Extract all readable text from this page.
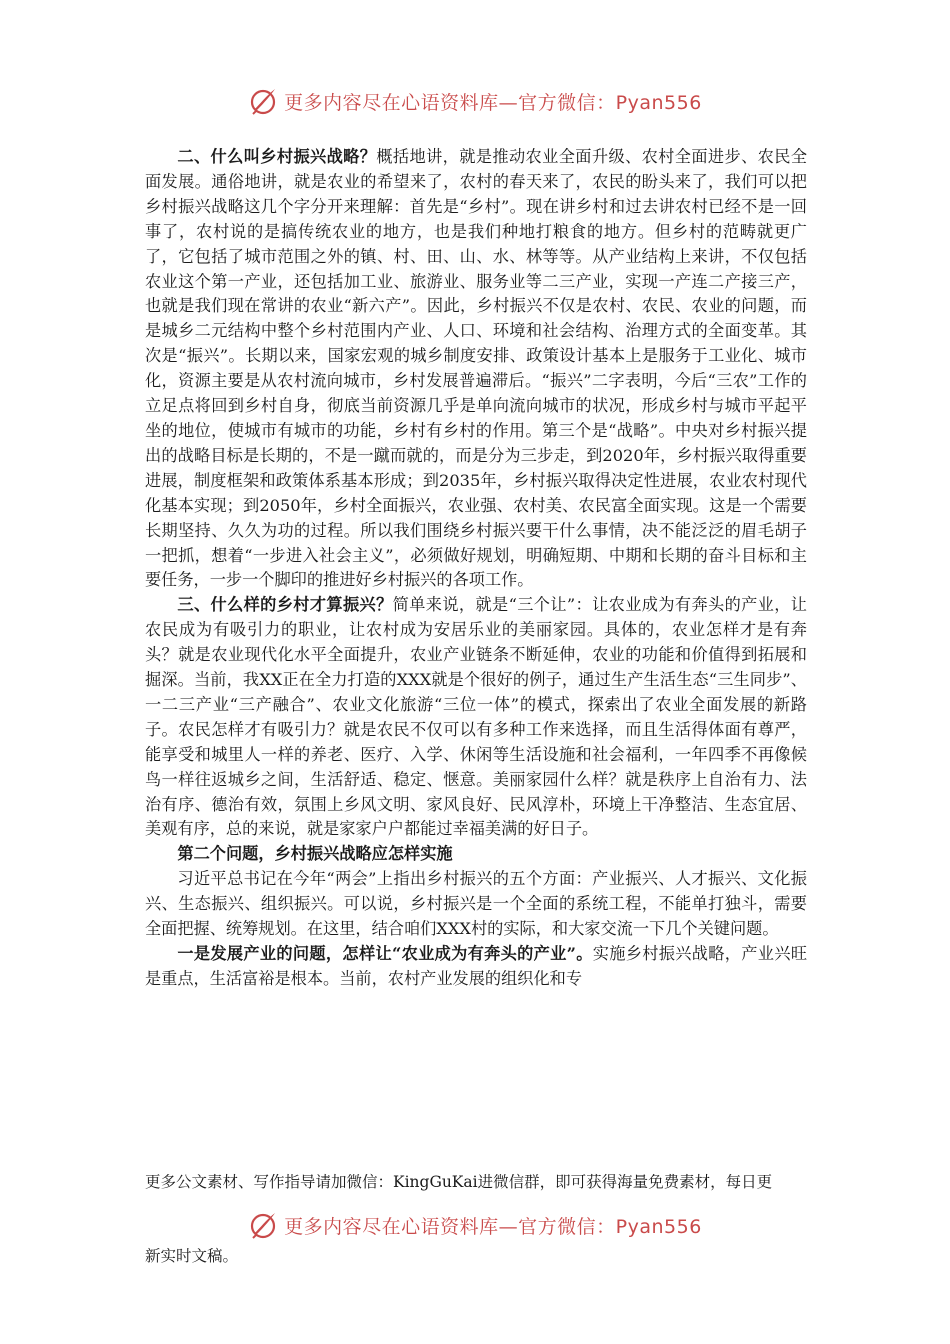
更多内容尽在心语资料库—官方微信：Pyan556

二、什么叫乡村振兴战略？概括地讲，就是推动农业全面升级、农村全面进步、农民全面发展。通俗地讲，就是农业的希望来了，农村的春天来了，农民的盼头来了，我们可以把乡村振兴战略这几个字分开来理解：首先是“乡村”。现在讲乡村和过去讲农村已经不是一回事了，农村说的是搞传统农业的地方，也是我们种地打粮食的地方。但乡村的范畴就更广了，它包括了城市范围之外的镇、村、田、山、水、林等等。从产业结构上来讲，不仅包括农业这个第一产业，还包括加工业、旅游业、服务业等二三产业，实现一产连二产接三产，也就是我们现在常讲的农业“新六产”。因此，乡村振兴不仅是农村、农民、农业的问题，而是城乡二元结构中整个乡村范围内产业、人口、环境和社会结构、治理方式的全面变革。其次是“振兴”。长期以来，国家宏观的城乡制度安排、政策设计基本上是服务于工业化、城市化，资源主要是从农村流向城市，乡村发展普遍滞后。“振兴”二字表明，今后“三农”工作的立足点将回到乡村自身，彻底当前资源几乎是单向流向城市的状况，形成乡村与城市平起平坐的地位，使城市有城市的功能，乡村有乡村的作用。第三个是“战略”。中央对乡村振兴提出的战略目标是长期的，不是一蹴而就的，而是分为三步走，到2020年，乡村振兴取得重要进展，制度框架和政策体系基本形成；到2035年，乡村振兴取得决定性进展，农业农村现代化基本实现；到2050年，乡村全面振兴，农业强、农村美、农民富全面实现。这是一个需要长期坚持、久久为功的过程。所以我们围绕乡村振兴要干什么事情，决不能泛泛的眉毛胡子一把抓，想着“一步进入社会主义”，必须做好规划，明确短期、中期和长期的奋斗目标和主要任务，一步一个脚印的推进好乡村振兴的各项工作。

三、什么样的乡村才算振兴？简单来说，就是“三个让”：让农业成为有奔头的产业，让农民成为有吸引力的职业，让农村成为安居乐业的美丽家园。具体的，农业怎样才是有奔头？就是农业现代化水平全面提升，农业产业链条不断延伸，农业的功能和价值得到拓展和掘深。当前，我XX正在全力打造的XXX就是个很好的例子，通过生产生活生态“三生同步”、一二三产业“三产融合”、农业文化旅游“三位一体”的模式，探索出了农业全面发展的新路子。农民怎样才有吸引力？就是农民不仅可以有多种工作来选择，而且生活得体面有尊严，能享受和城里人一样的养老、医疗、入学、休闲等生活设施和社会福利，一年四季不再像候鸟一样往返城乡之间，生活舒适、稳定、惬意。美丽家园什么样？就是秩序上自治有力、法治有序、德治有效，氛围上乡风文明、家风良好、民风淳朴，环境上干净整洁、生态宜居、美观有序，总的来说，就是家家户户都能过幸福美满的好日子。

第二个问题，乡村振兴战略应怎样实施

习近平总书记在今年“两会”上指出乡村振兴的五个方面：产业振兴、人才振兴、文化振兴、生态振兴、组织振兴。可以说，乡村振兴是一个全面的系统工程，不能单打独斗，需要全面把握、统筹规划。在这里，结合咱们XXX村的实际，和大家交流一下几个关键问题。

一是发展产业的问题，怎样让“农业成为有奔头的产业”。实施乡村振兴战略，产业兴旺是重点，生活富裕是根本。当前，农村产业发展的组织化和专

更多公文素材、写作指导请加微信：KingGuKai进微信群，即可获得海量免费素材，每日更
更多内容尽在心语资料库—官方微信：Pyan556
新实时文稿。
